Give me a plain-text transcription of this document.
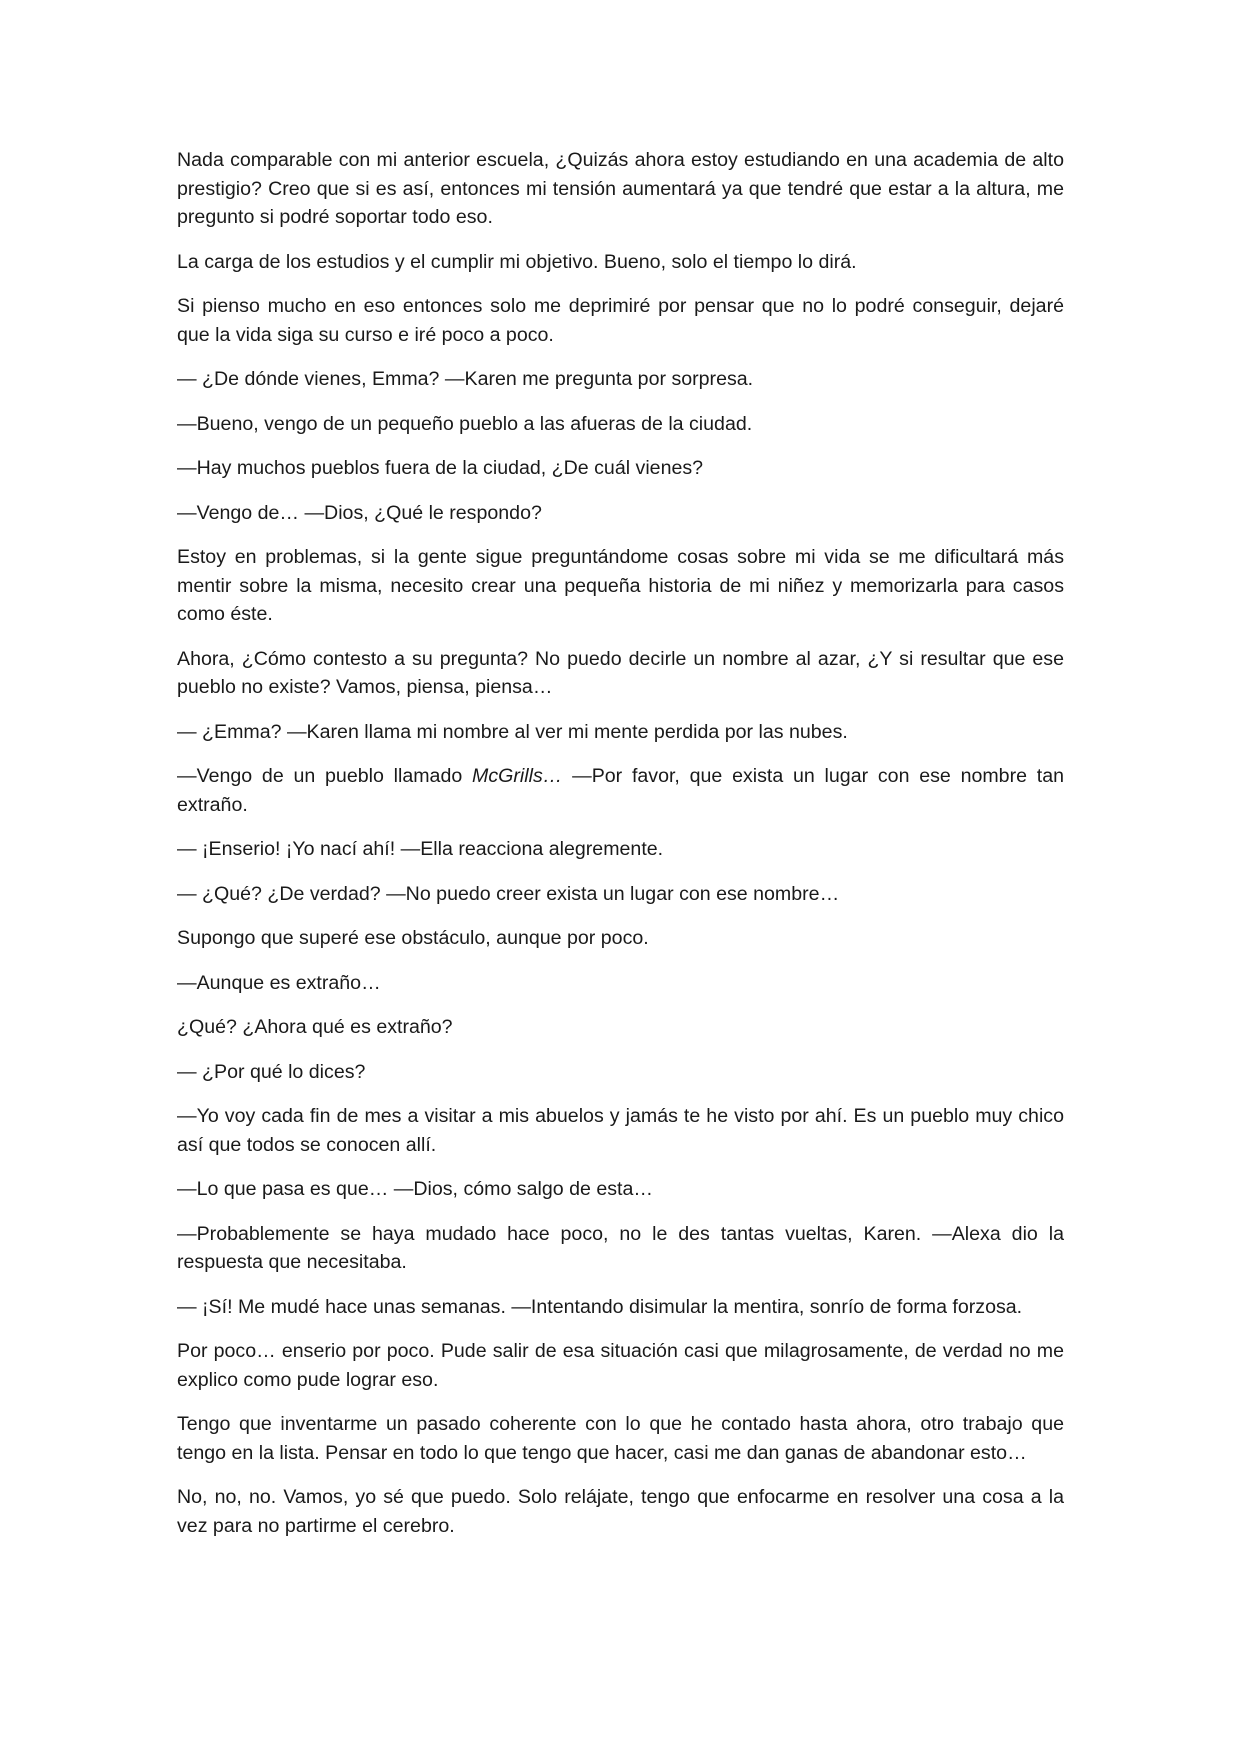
Nada comparable con mi anterior escuela, ¿Quizás ahora estoy estudiando en una academia de alto prestigio? Creo que si es así, entonces mi tensión aumentará ya que tendré que estar a la altura, me pregunto si podré soportar todo eso.

La carga de los estudios y el cumplir mi objetivo. Bueno, solo el tiempo lo dirá.

Si pienso mucho en eso entonces solo me deprimiré por pensar que no lo podré conseguir, dejaré que la vida siga su curso e iré poco a poco.

— ¿De dónde vienes, Emma? —Karen me pregunta por sorpresa.

—Bueno, vengo de un pequeño pueblo a las afueras de la ciudad.

—Hay muchos pueblos fuera de la ciudad, ¿De cuál vienes?

—Vengo de… —Dios, ¿Qué le respondo?

Estoy en problemas, si la gente sigue preguntándome cosas sobre mi vida se me dificultará más mentir sobre la misma, necesito crear una pequeña historia de mi niñez y memorizarla para casos como éste.

Ahora, ¿Cómo contesto a su pregunta? No puedo decirle un nombre al azar, ¿Y si resultar que ese pueblo no existe? Vamos, piensa, piensa…

— ¿Emma? —Karen llama mi nombre al ver mi mente perdida por las nubes.

—Vengo de un pueblo llamado McGrills… —Por favor, que exista un lugar con ese nombre tan extraño.

— ¡Enserio! ¡Yo nací ahí! —Ella reacciona alegremente.

— ¿Qué? ¿De verdad? —No puedo creer exista un lugar con ese nombre…

Supongo que superé ese obstáculo, aunque por poco.

—Aunque es extraño…

¿Qué? ¿Ahora qué es extraño?

— ¿Por qué lo dices?

—Yo voy cada fin de mes a visitar a mis abuelos y jamás te he visto por ahí. Es un pueblo muy chico así que todos se conocen allí.

—Lo que pasa es que… —Dios, cómo salgo de esta…

—Probablemente se haya mudado hace poco, no le des tantas vueltas, Karen. —Alexa dio la respuesta que necesitaba.

— ¡Sí! Me mudé hace unas semanas. —Intentando disimular la mentira, sonrío de forma forzosa.

Por poco… enserio por poco. Pude salir de esa situación casi que milagrosamente, de verdad no me explico como pude lograr eso.

Tengo que inventarme un pasado coherente con lo que he contado hasta ahora, otro trabajo que tengo en la lista. Pensar en todo lo que tengo que hacer, casi me dan ganas de abandonar esto…

No, no, no. Vamos, yo sé que puedo. Solo relájate, tengo que enfocarme en resolver una cosa a la vez para no partirme el cerebro.
